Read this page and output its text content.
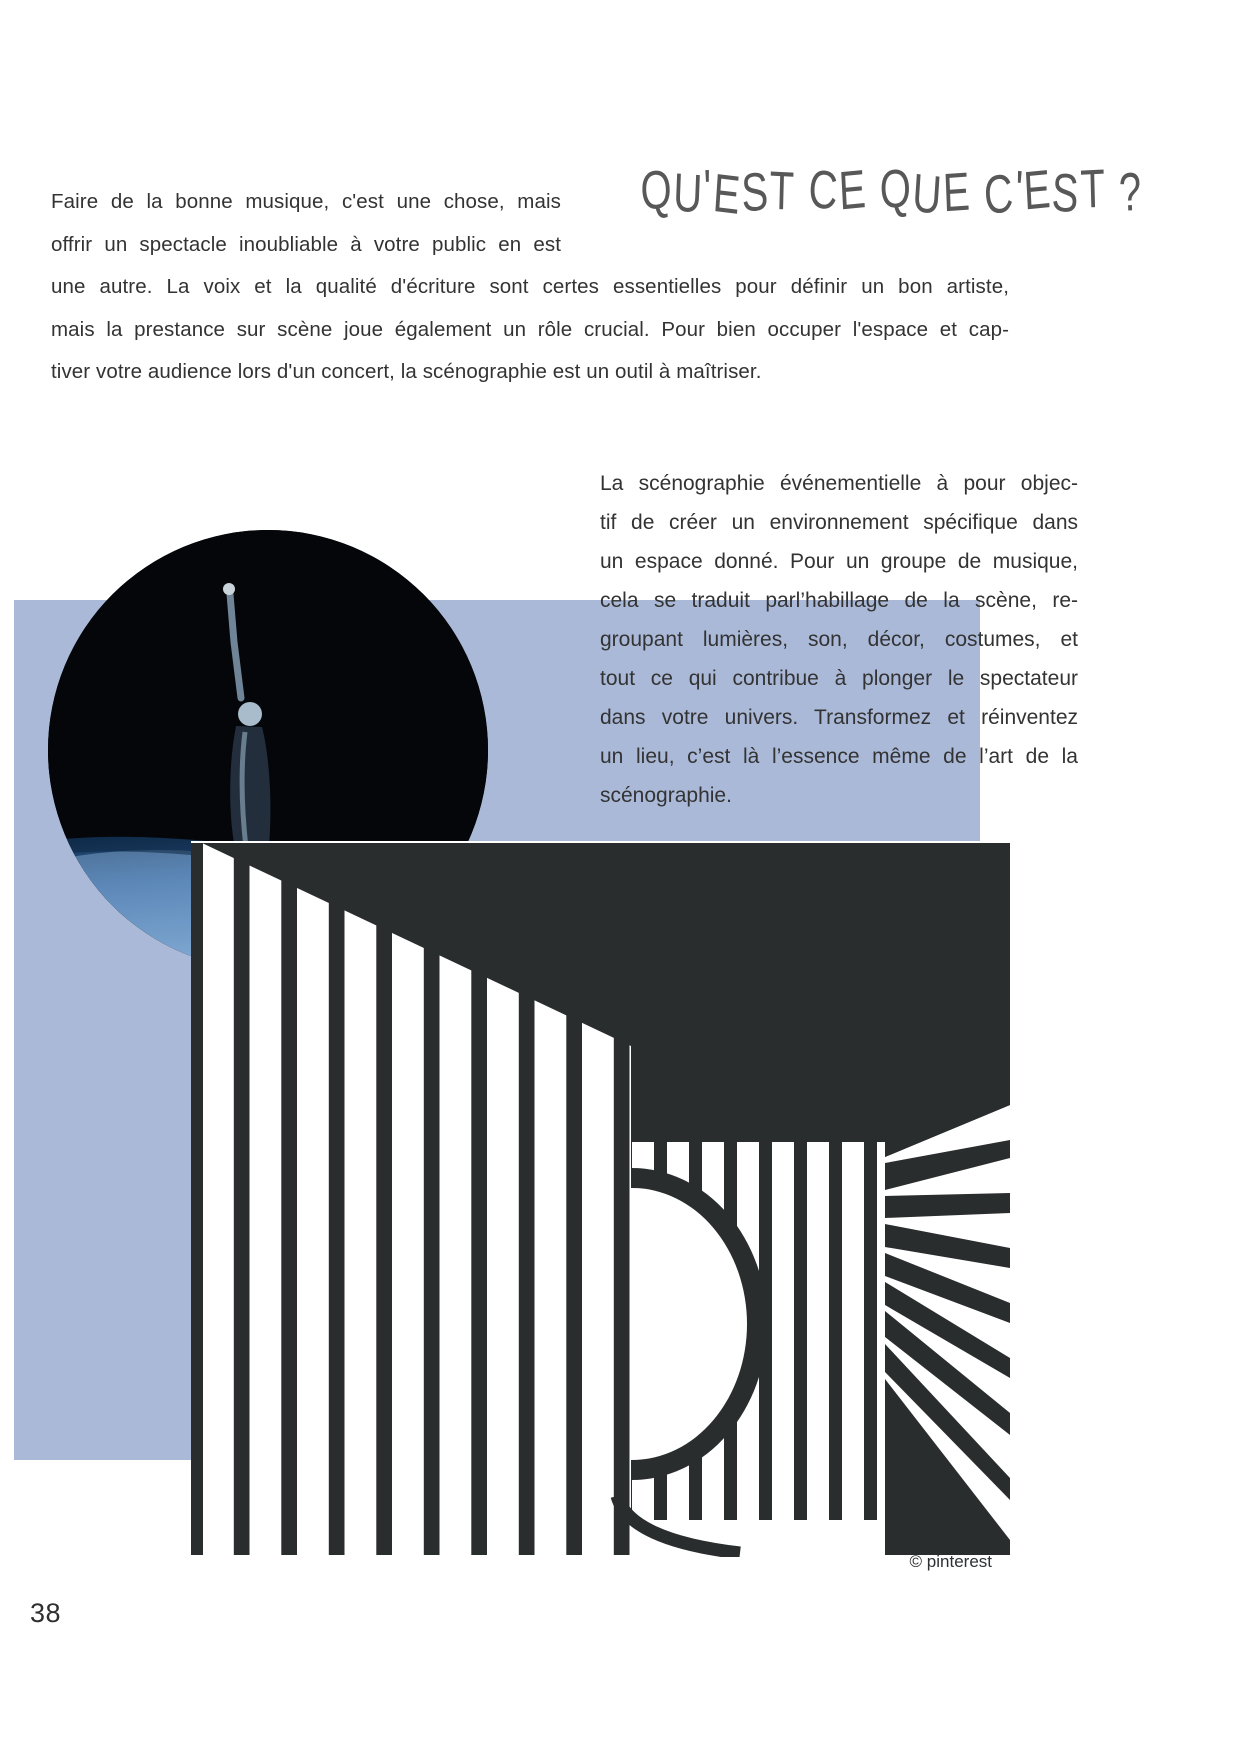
QU'EST CE QUE C'EST ?
Faire de la bonne musique, c'est une chose, mais
offrir un spectacle inoubliable à votre public en est
une autre. La voix et la qualité d'écriture sont certes essentielles pour définir un bon artiste,
mais la prestance sur scène joue également un rôle crucial. Pour bien occuper l'espace et cap-
tiver votre audience lors d'un concert, la scénographie est un outil à maîtriser.
La scénographie événementielle à pour objec-
tif de créer un environnement spécifique dans
un espace donné. Pour un groupe de musique,
cela se traduit parl’habillage de la scène, re-
groupant lumières, son, décor, costumes, et
tout ce qui contribue à plonger le spectateur
dans votre univers. Transformez et réinventez
un lieu, c’est là l’essence même de l’art de la
scénographie.
© pinterest
38
